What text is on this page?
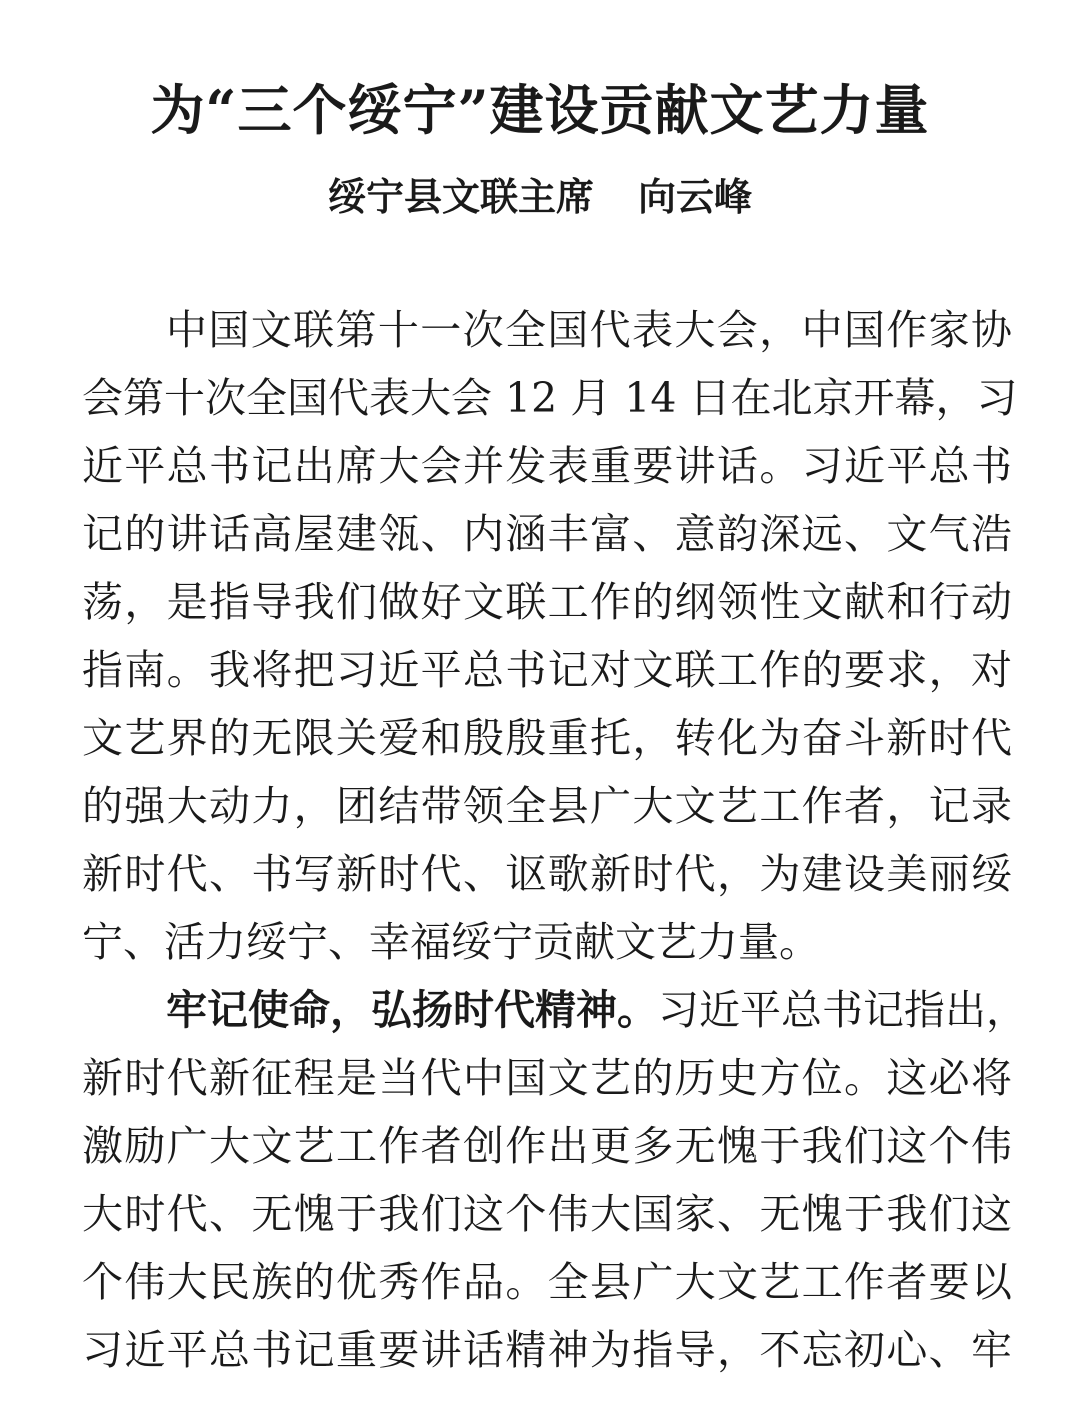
为“三个绥宁”建设贡献文艺力量
绥宁县文联主席 向云峰
中国文联第十一次全国代表大会，中国作家协
会第十次全国代表大会 12 月 14 日在北京开幕，习
近平总书记出席大会并发表重要讲话。习近平总书
记的讲话高屋建瓴、内涵丰富、意韵深远、文气浩
荡，是指导我们做好文联工作的纲领性文献和行动
指南。我将把习近平总书记对文联工作的要求，对
文艺界的无限关爱和殷殷重托，转化为奋斗新时代
的强大动力，团结带领全县广大文艺工作者，记录
新时代、书写新时代、讴歌新时代，为建设美丽绥
宁、活力绥宁、幸福绥宁贡献文艺力量。
牢记使命，弘扬时代精神。习近平总书记指出，
新时代新征程是当代中国文艺的历史方位。这必将
激励广大文艺工作者创作出更多无愧于我们这个伟
大时代、无愧于我们这个伟大国家、无愧于我们这
个伟大民族的优秀作品。全县广大文艺工作者要以
习近平总书记重要讲话精神为指导，不忘初心、牢
